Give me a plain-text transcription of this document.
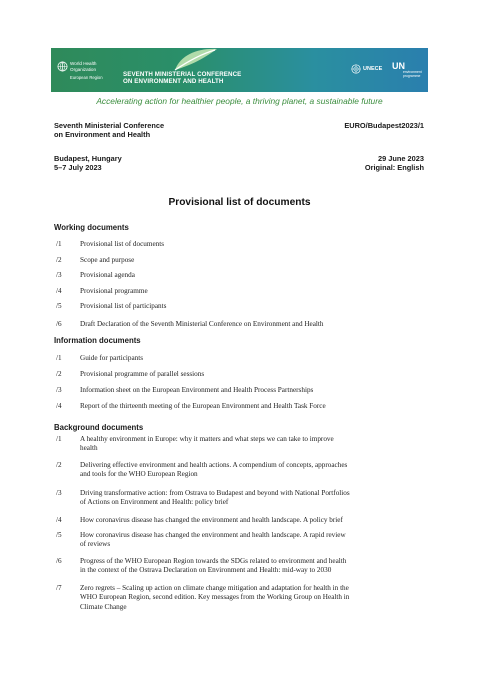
World Health Organization
European Region	SEVENTH MINISTERIAL CONFERENCE
ON ENVIRONMENT AND HEALTH
UNECE UN
environment programme
Accelerating action for healthier people, a thriving planet, a sustainable future
Seventh Ministerial Conference
on Environment and Health
EURO/Budapest2023/1
Budapest, Hungary
5–7 July 2023
29 June 2023
Original: English
Provisional list of documents
Working documents
/1	Provisional list of documents
/2	Scope and purpose
/3	Provisional agenda
/4	Provisional programme
/5	Provisional list of participants
/6	Draft Declaration of the Seventh Ministerial Conference on Environment and Health
Information documents
/1	Guide for participants
/2	Provisional programme of parallel sessions
/3	Information sheet on the European Environment and Health Process Partnerships
/4	Report of the thirteenth meeting of the European Environment and Health Task Force
Background documents
/1	A healthy environment in Europe: why it matters and what steps we can take to improve
health
/2	Delivering effective environment and health actions. A compendium of concepts, approaches
and tools for the WHO European Region
/3	Driving transformative action: from Ostrava to Budapest and beyond with National Portfolios
of Actions on Environment and Health: policy brief
/4	How coronavirus disease has changed the environment and health landscape. A policy brief
/5	How coronavirus disease has changed the environment and health landscape. A rapid review
of reviews
/6	Progress of the WHO European Region towards the SDGs related to environment and health
in the context of the Ostrava Declaration on Environment and Health: mid-way to 2030
/7	Zero regrets – Scaling up action on climate change mitigation and adaptation for health in the
WHO European Region, second edition. Key messages from the Working Group on Health in
Climate Change
